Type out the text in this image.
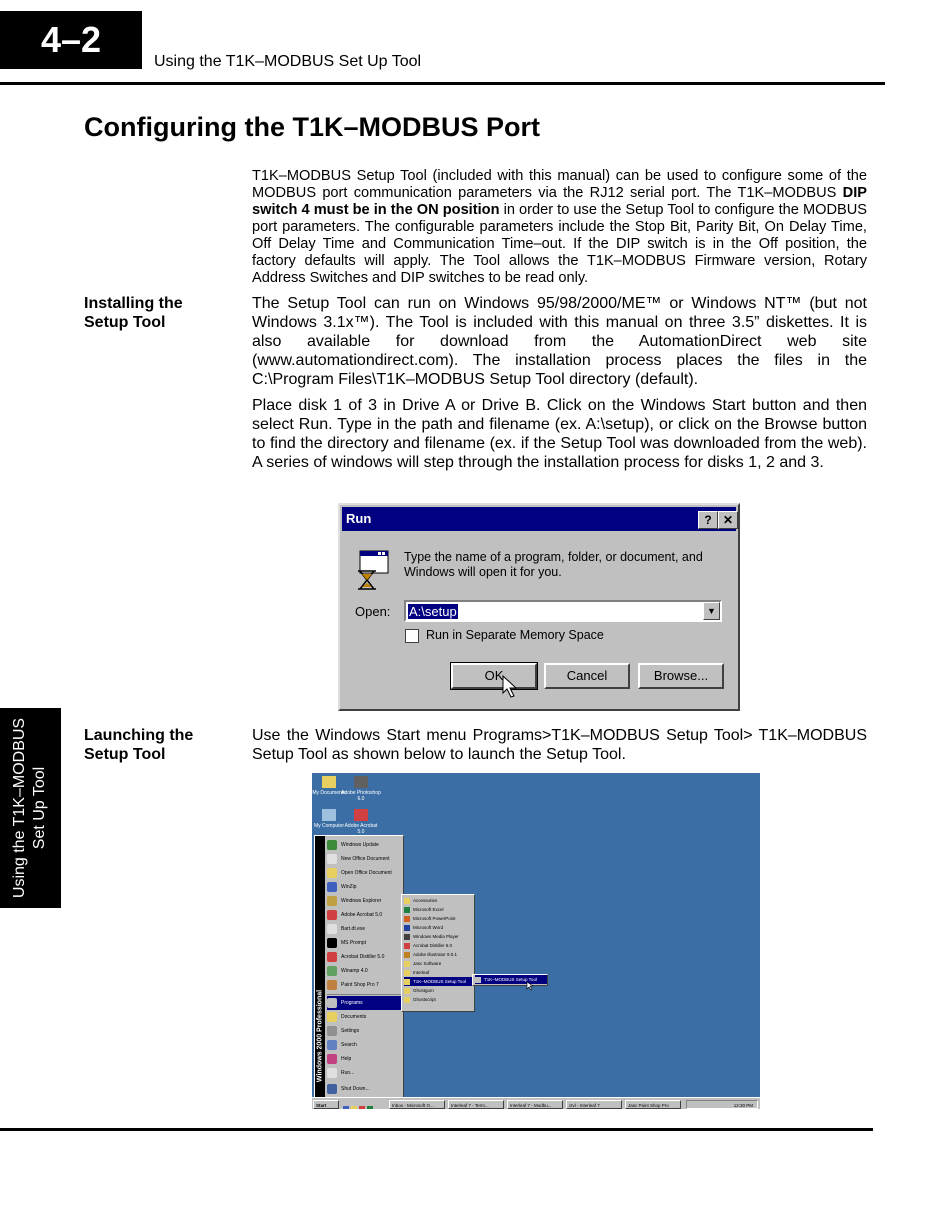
4–2
Using the T1K–MODBUS Set Up Tool
Configuring the T1K–MODBUS Port
T1K–MODBUS Setup Tool (included with this manual) can be used to configure some of the MODBUS port communication parameters via the RJ12 serial port. The T1K–MODBUS DIP switch 4 must be in the ON position in order to use the Setup Tool to configure the MODBUS port parameters. The configurable parameters include the Stop Bit, Parity Bit, On Delay Time, Off Delay Time and Communication Time–out. If the DIP switch is in the Off position, the factory defaults will apply. The Tool allows the T1K–MODBUS Firmware version, Rotary Address Switches and DIP switches to be read only.
Installing the
Setup Tool
The Setup Tool can run on Windows 95/98/2000/ME™ or Windows NT™ (but not Windows 3.1x™). The Tool is included with this manual on three 3.5” diskettes. It is also available for download from the AutomationDirect web site (www.automationdirect.com). The installation process places the files in the C:\Program Files\T1K–MODBUS Setup Tool directory (default).
Place disk 1 of 3 in Drive A or Drive B. Click on the Windows Start button and then select Run. Type in the path and filename (ex. A:\setup), or click on the Browse button to find the directory and filename (ex. if the Setup Tool was downloaded from the web). A series of windows will step through the installation process for disks 1, 2 and 3.
Run	? ✕
Type the name of a program, folder, or document, and Windows will open it for you.
Open: A:\setup	▼
Run in Separate Memory Space
OK	Cancel	Browse...
Using the T1K–MODBUS Set Up Tool
Launching the
Setup Tool
Use the Windows Start menu Programs>T1K–MODBUS Setup Tool> T1K–MODBUS Setup Tool as shown below to launch the Setup Tool.
My Documents
Adobe Photoshop 6.0
My Computer Adobe Acrobat 5.0
Windows 2000 Professional
Windows Update
New Office Document
Open Office Document
WinZip
Windows Explorer
Adobe Acrobat 5.0
Bart.dt.exe
MS Prompt
Acrobat Distiller 5.0
Winamp 4.0
Paint Shop Pro 7
Programs
Documents
Settings
Search
Help
Run...
Shut Down...
Accessories
Microsoft Excel
Microsoft PowerPoint
Microsoft Word
Windows Media Player
Acrobat Distiller 6.0
Adobe Illustrator 9.0.1
Jasc Software
Interleaf
T1K–MODBUS Setup Tool
Ghostgum
Ghostscript
T1K–MODBUS Setup Tool
Start	Inbox - Microsoft O...	Interleaf 7 - Term...	Interleaf 7 - Modbu...	ctvl - Interleaf 7	Jasc Paint Shop Pro	12:30 PM
